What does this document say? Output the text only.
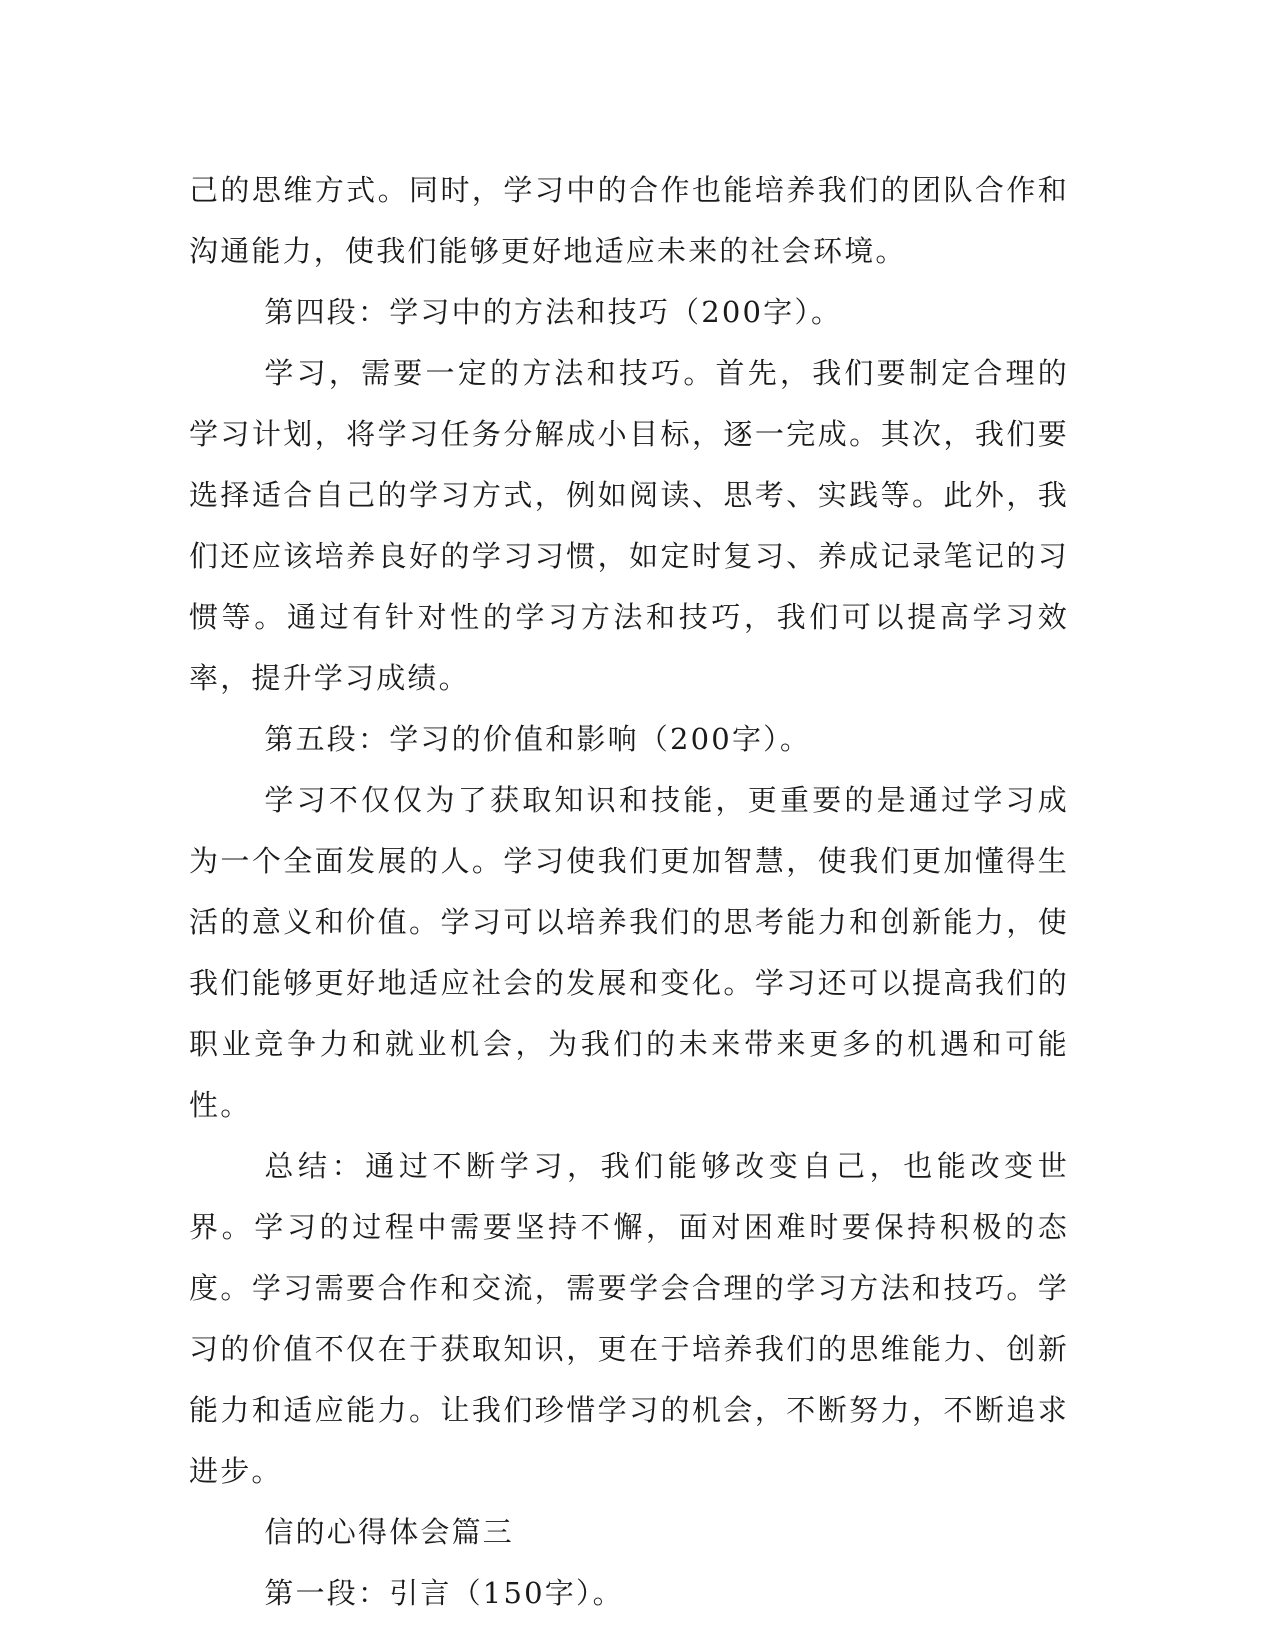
己的思维方式。同时，学习中的合作也能培养我们的团队合作和沟通能力，使我们能够更好地适应未来的社会环境。

第四段：学习中的方法和技巧（200字）。

学习，需要一定的方法和技巧。首先，我们要制定合理的学习计划，将学习任务分解成小目标，逐一完成。其次，我们要选择适合自己的学习方式，例如阅读、思考、实践等。此外，我们还应该培养良好的学习习惯，如定时复习、养成记录笔记的习惯等。通过有针对性的学习方法和技巧，我们可以提高学习效率，提升学习成绩。

第五段：学习的价值和影响（200字）。

学习不仅仅为了获取知识和技能，更重要的是通过学习成为一个全面发展的人。学习使我们更加智慧，使我们更加懂得生活的意义和价值。学习可以培养我们的思考能力和创新能力，使我们能够更好地适应社会的发展和变化。学习还可以提高我们的职业竞争力和就业机会，为我们的未来带来更多的机遇和可能性。

总结：通过不断学习，我们能够改变自己，也能改变世界。学习的过程中需要坚持不懈，面对困难时要保持积极的态度。学习需要合作和交流，需要学会合理的学习方法和技巧。学习的价值不仅在于获取知识，更在于培养我们的思维能力、创新能力和适应能力。让我们珍惜学习的机会，不断努力，不断追求进步。

信的心得体会篇三

第一段：引言（150字）。
